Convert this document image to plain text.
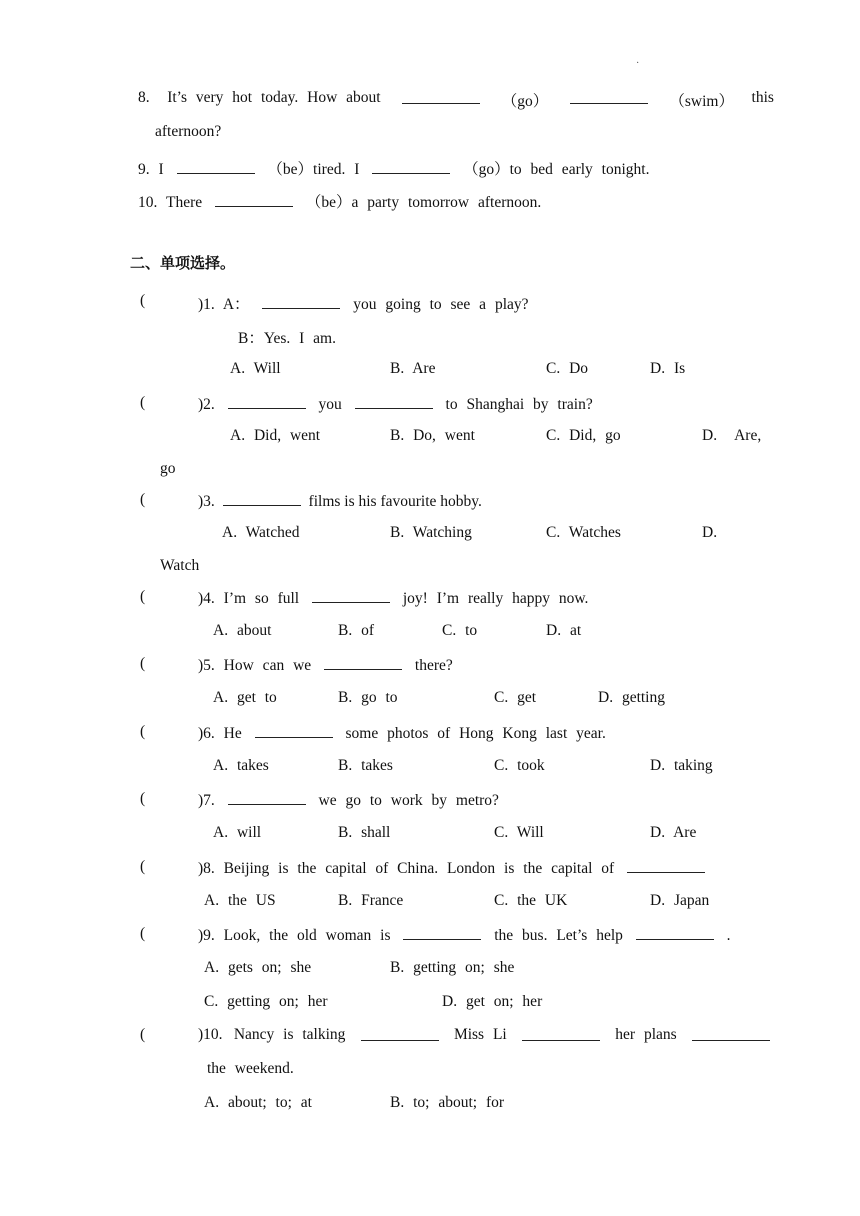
·
8. It’s very hot today. How about	（go）	（swim） this
afternoon?
9. I	（be）tired. I	（go）to bed early tonight.
10. There	（be）a party tomorrow afternoon.
二、单项选择。
(	)1. A：	you going to see a play?
B：Yes. I am.
A. Will	B. Are	C. Do	D. Is
(	)2.	you	to Shanghai by train?
A. Did, went	B. Do, went	C. Did, go	D. Are,
go
(	)3.	films is his favourite hobby.
A. Watched	B. Watching	C. Watches	D.
Watch
(	)4. I’m so full	joy! I’m really happy now.
A. about	B. of	C. to	D. at
(	)5. How can we	there?
A. get to	B. go to	C. get	D. getting
(	)6. He	some photos of Hong Kong last year.
A. takes	B. takes	C. took	D. taking
(	)7.	we go to work by metro?
A. will	B. shall	C. Will	D. Are
(	)8. Beijing is the capital of China. London is the capital of
A. the US	B. France	C. the UK	D. Japan
(	)9. Look, the old woman is	the bus. Let’s help	.
A. gets on; she	B. getting on; she
C. getting on; her	D. get on; her
(	)10. Nancy is talking	Miss Li	her plans
the weekend.
A. about; to; at	B. to; about; for
